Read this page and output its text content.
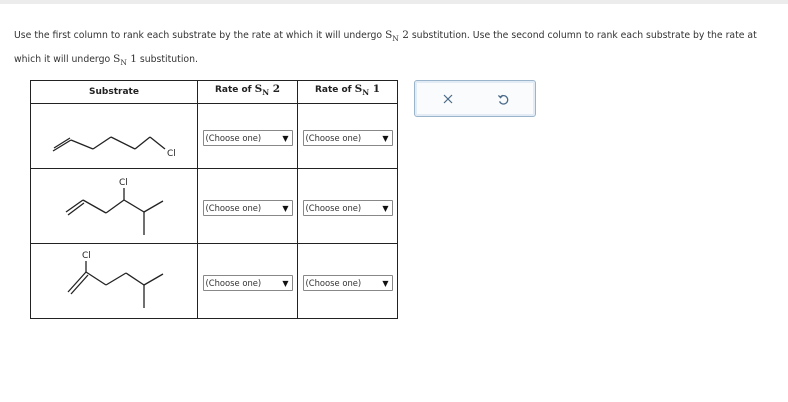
Use the first column to rank each substrate by the rate at which it will undergo $S_N$ 2 substitution. Use the second column to rank each substrate by the rate at which it will undergo $S_N$ 1 substitution.
Substrate	Rate of $S_N$ 2	Rate of $S_N$ 1

Cl	(Choose one) ▼	(Choose one) ▼

Cl	(Choose one) ▼	(Choose one) ▼

Cl	(Choose one) ▼	(Choose one) ▼
